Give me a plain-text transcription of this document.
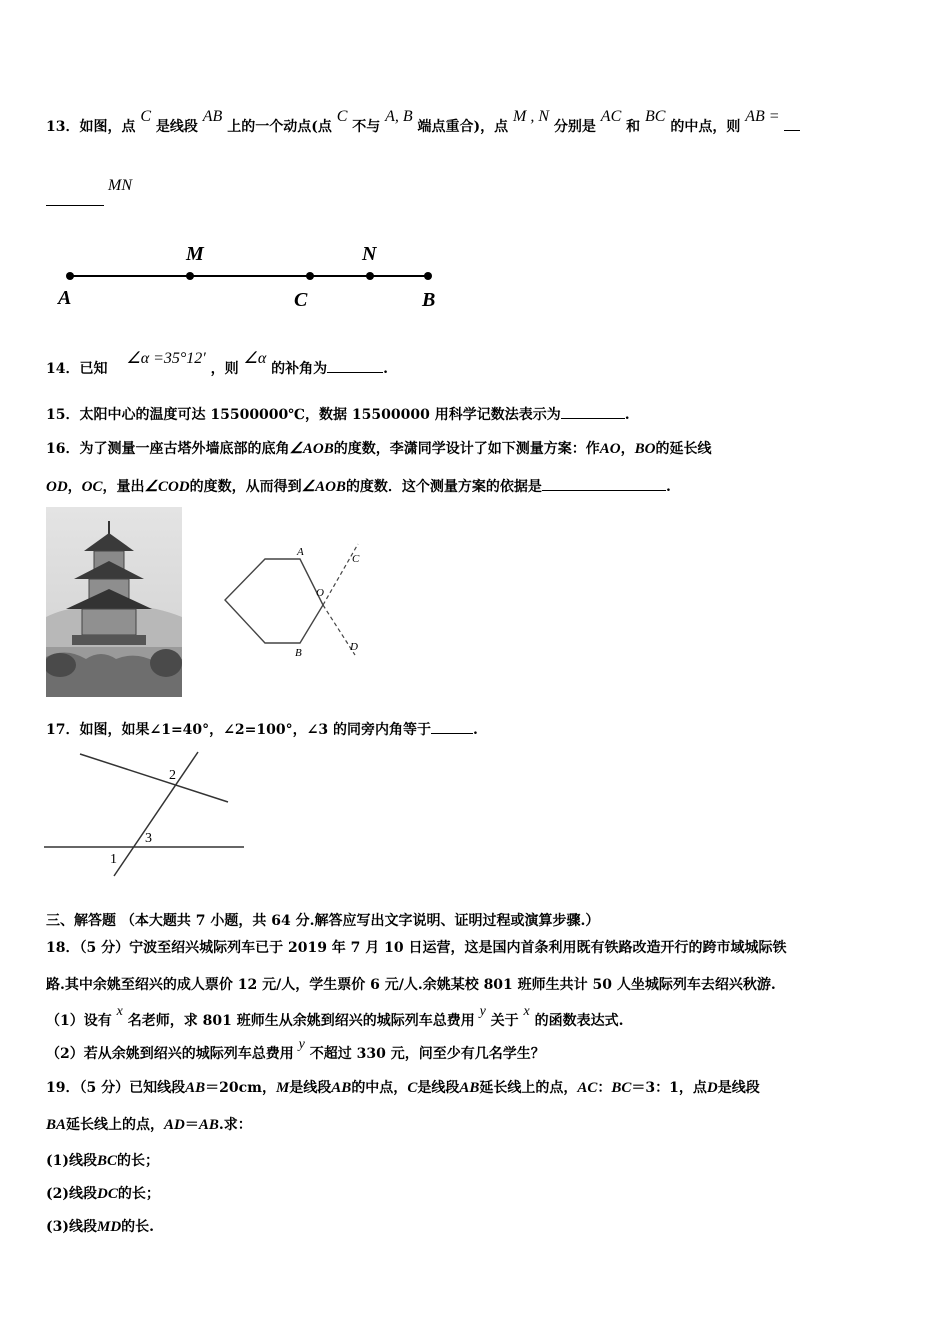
13．如图，点 C 是线段 AB 上的一个动点(点 C 不与 A, B 端点重合)，点 M , N 分别是 AC 和 BC 的中点，则 AB =
MN
A
M
C
N
B
14．已知 ∠α =35°12′ ，则 ∠α 的补角为	.
15．太阳中心的温度可达 15500000℃，数据 15500000 用科学记数法表示为	.
16．为了测量一座古塔外墙底部的底角∠AOB的度数，李潇同学设计了如下测量方案：作AO，BO的延长线
OD，OC，量出∠COD的度数，从而得到∠AOB的度数．这个测量方案的依据是	.
A
B
O
C
D
17．如图，如果∠1=40°，∠2=100°，∠3 的同旁内角等于	.
2
3
1
三、解答题 （本大题共 7 小题，共 64 分.解答应写出文字说明、证明过程或演算步骤.）
18．（5 分）宁波至绍兴城际列车已于 2019 年 7 月 10 日运营，这是国内首条利用既有铁路改造开行的跨市域城际铁
路.其中余姚至绍兴的成人票价 12 元/人，学生票价 6 元/人.余姚某校 801 班师生共计 50 人坐城际列车去绍兴秋游.
（1）设有 x 名老师，求 801 班师生从余姚到绍兴的城际列车总费用 y 关于 x 的函数表达式.
（2）若从余姚到绍兴的城际列车总费用 y 不超过 330 元，问至少有几名学生？
19．（5 分）已知线段AB＝20cm，M是线段AB的中点，C是线段AB延长线上的点，AC：BC＝3：1，点D是线段
BA延长线上的点，AD＝AB.求：
(1)线段BC的长；
(2)线段DC的长；
(3)线段MD的长.
